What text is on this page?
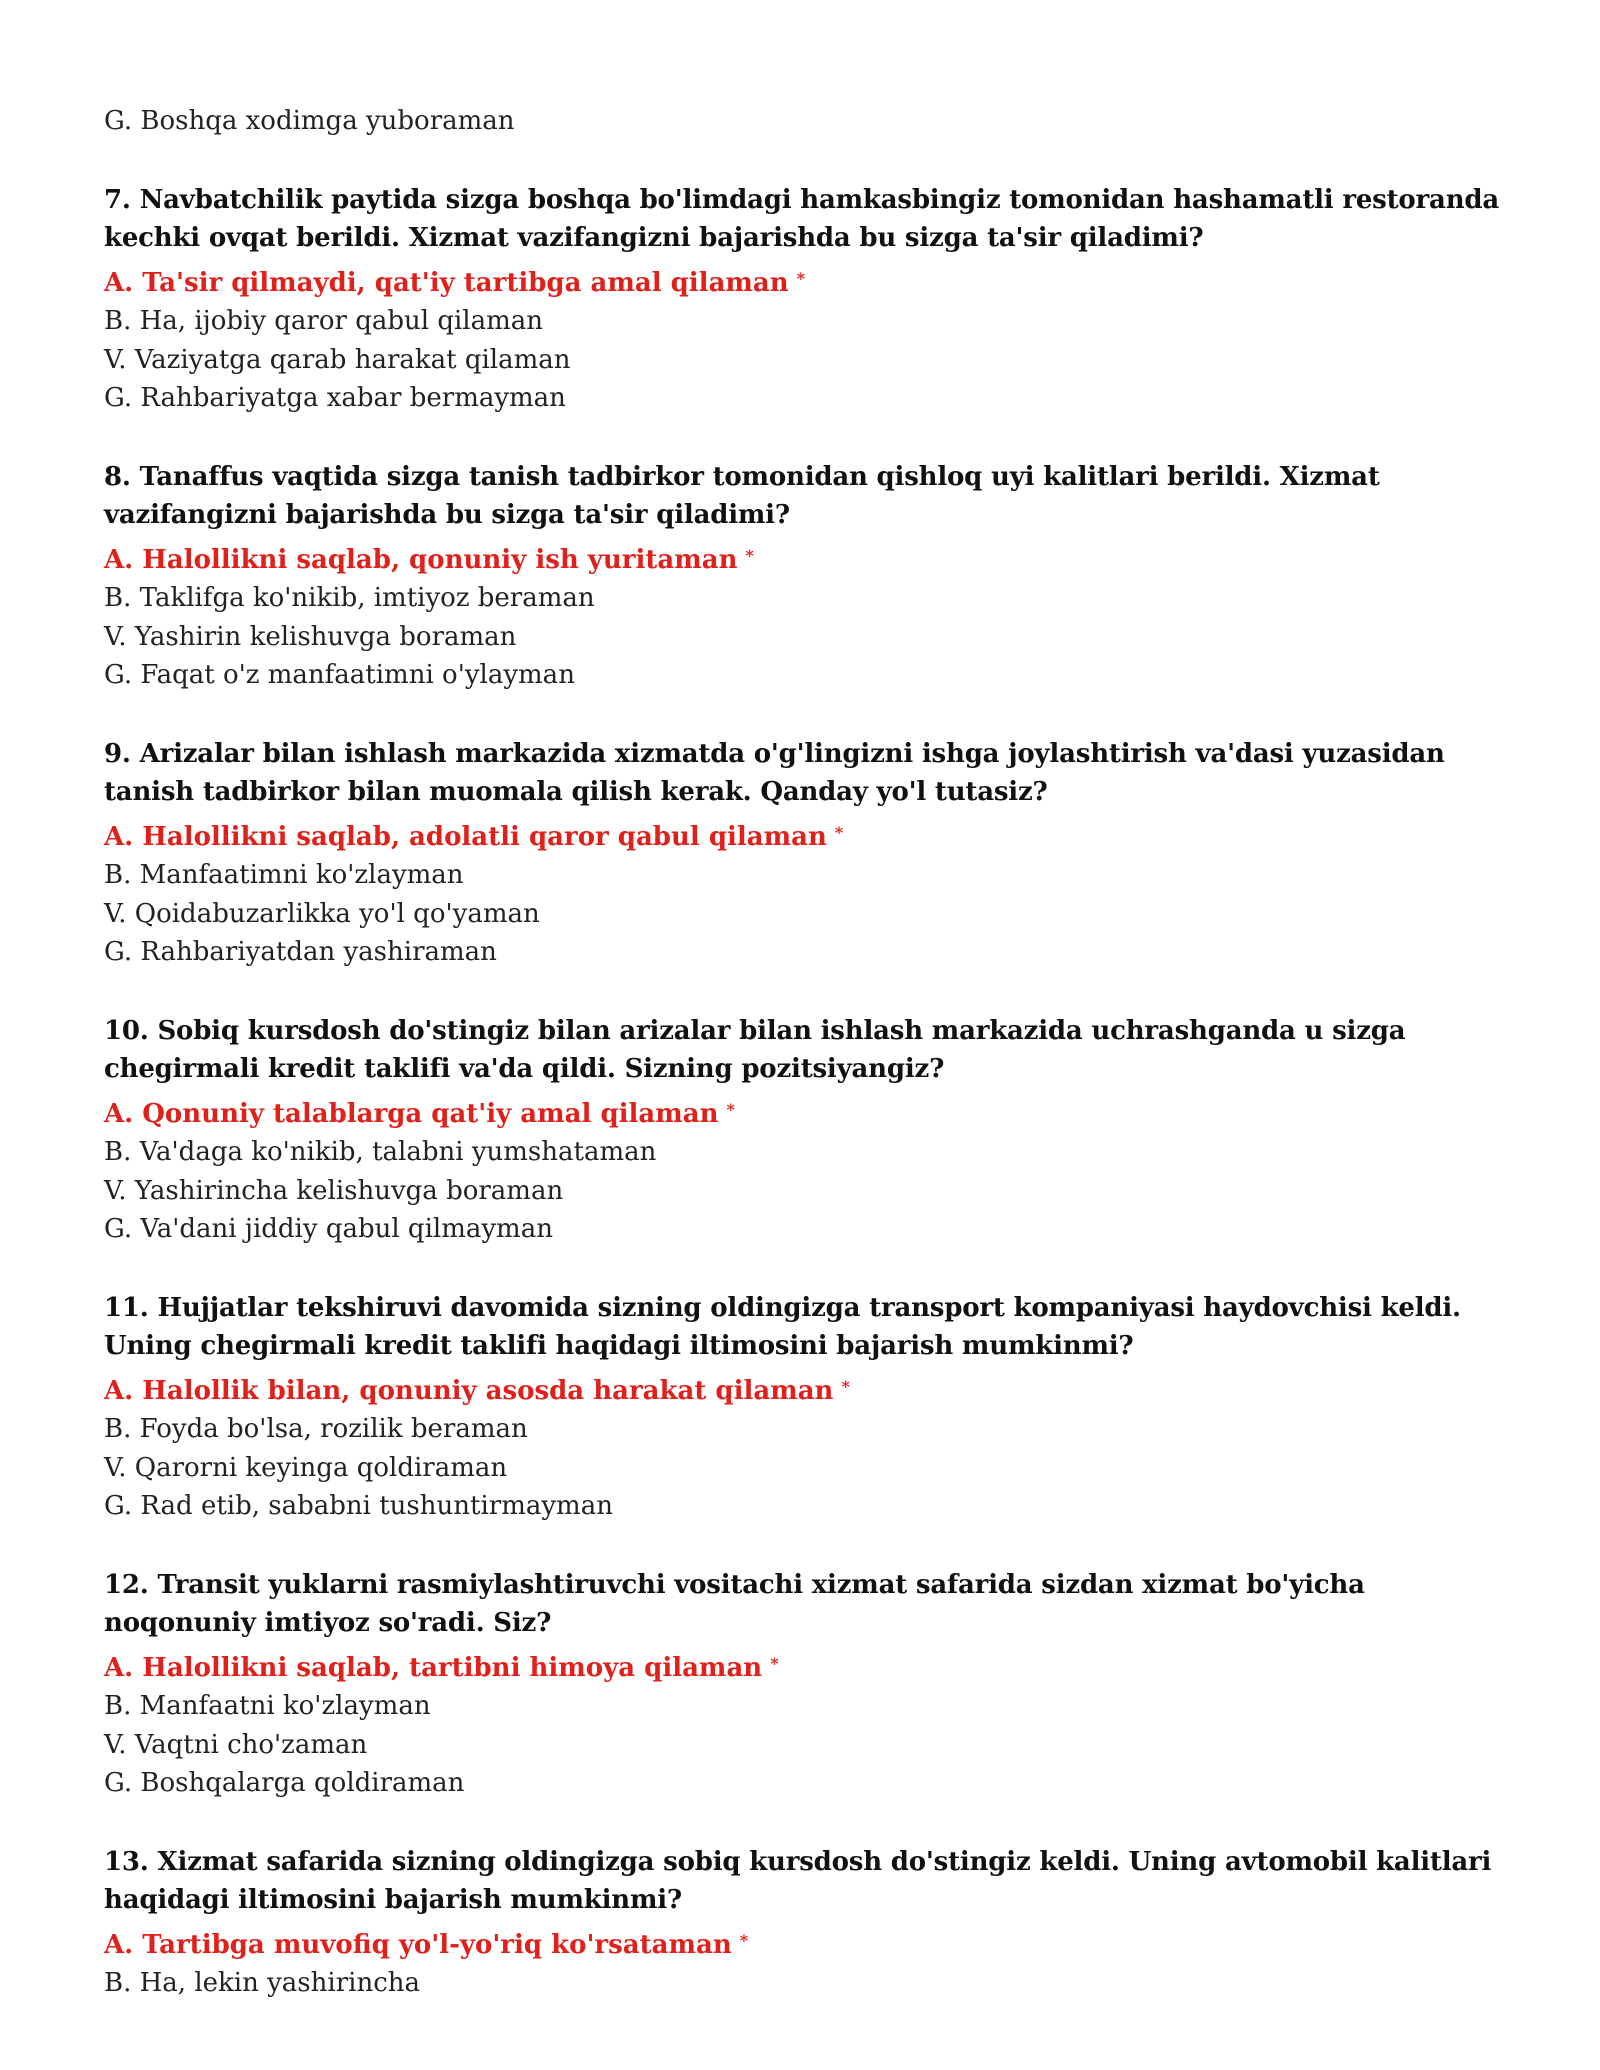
G. Boshqa xodimga yuboraman
7. Navbatchilik paytida sizga boshqa bo'limdagi hamkasbingiz tomonidan hashamatli restoranda kechki ovqat berildi. Xizmat vazifangizni bajarishda bu sizga ta'sir qiladimi?
A. Ta'sir qilmaydi, qat'iy tartibga amal qilaman *
B. Ha, ijobiy qaror qabul qilaman
V. Vaziyatga qarab harakat qilaman
G. Rahbariyatga xabar bermayman
8. Tanaffus vaqtida sizga tanish tadbirkor tomonidan qishloq uyi kalitlari berildi. Xizmat vazifangizni bajarishda bu sizga ta'sir qiladimi?
A. Halollikni saqlab, qonuniy ish yuritaman *
B. Taklifga ko'nikib, imtiyoz beraman
V. Yashirin kelishuvga boraman
G. Faqat o'z manfaatimni o'ylayman
9. Arizalar bilan ishlash markazida xizmatda o'g'lingizni ishga joylashtirish va'dasi yuzasidan tanish tadbirkor bilan muomala qilish kerak. Qanday yo'l tutasiz?
A. Halollikni saqlab, adolatli qaror qabul qilaman *
B. Manfaatimni ko'zlayman
V. Qoidabuzarlikka yo'l qo'yaman
G. Rahbariyatdan yashiraman
10. Sobiq kursdosh do'stingiz bilan arizalar bilan ishlash markazida uchrashganda u sizga chegirmali kredit taklifi va'da qildi. Sizning pozitsiyangiz?
A. Qonuniy talablarga qat'iy amal qilaman *
B. Va'daga ko'nikib, talabni yumshataman
V. Yashirincha kelishuvga boraman
G. Va'dani jiddiy qabul qilmayman
11. Hujjatlar tekshiruvi davomida sizning oldingizga transport kompaniyasi haydovchisi keldi. Uning chegirmali kredit taklifi haqidagi iltimosini bajarish mumkinmi?
A. Halollik bilan, qonuniy asosda harakat qilaman *
B. Foyda bo'lsa, rozilik beraman
V. Qarorni keyinga qoldiraman
G. Rad etib, sababni tushuntirmayman
12. Transit yuklarni rasmiylashtiruvchi vositachi xizmat safarida sizdan xizmat bo'yicha noqonuniy imtiyoz so'radi. Siz?
A. Halollikni saqlab, tartibni himoya qilaman *
B. Manfaatni ko'zlayman
V. Vaqtni cho'zaman
G. Boshqalarga qoldiraman
13. Xizmat safarida sizning oldingizga sobiq kursdosh do'stingiz keldi. Uning avtomobil kalitlari haqidagi iltimosini bajarish mumkinmi?
A. Tartibga muvofiq yo'l-yo'riq ko'rsataman *
B. Ha, lekin yashirincha
